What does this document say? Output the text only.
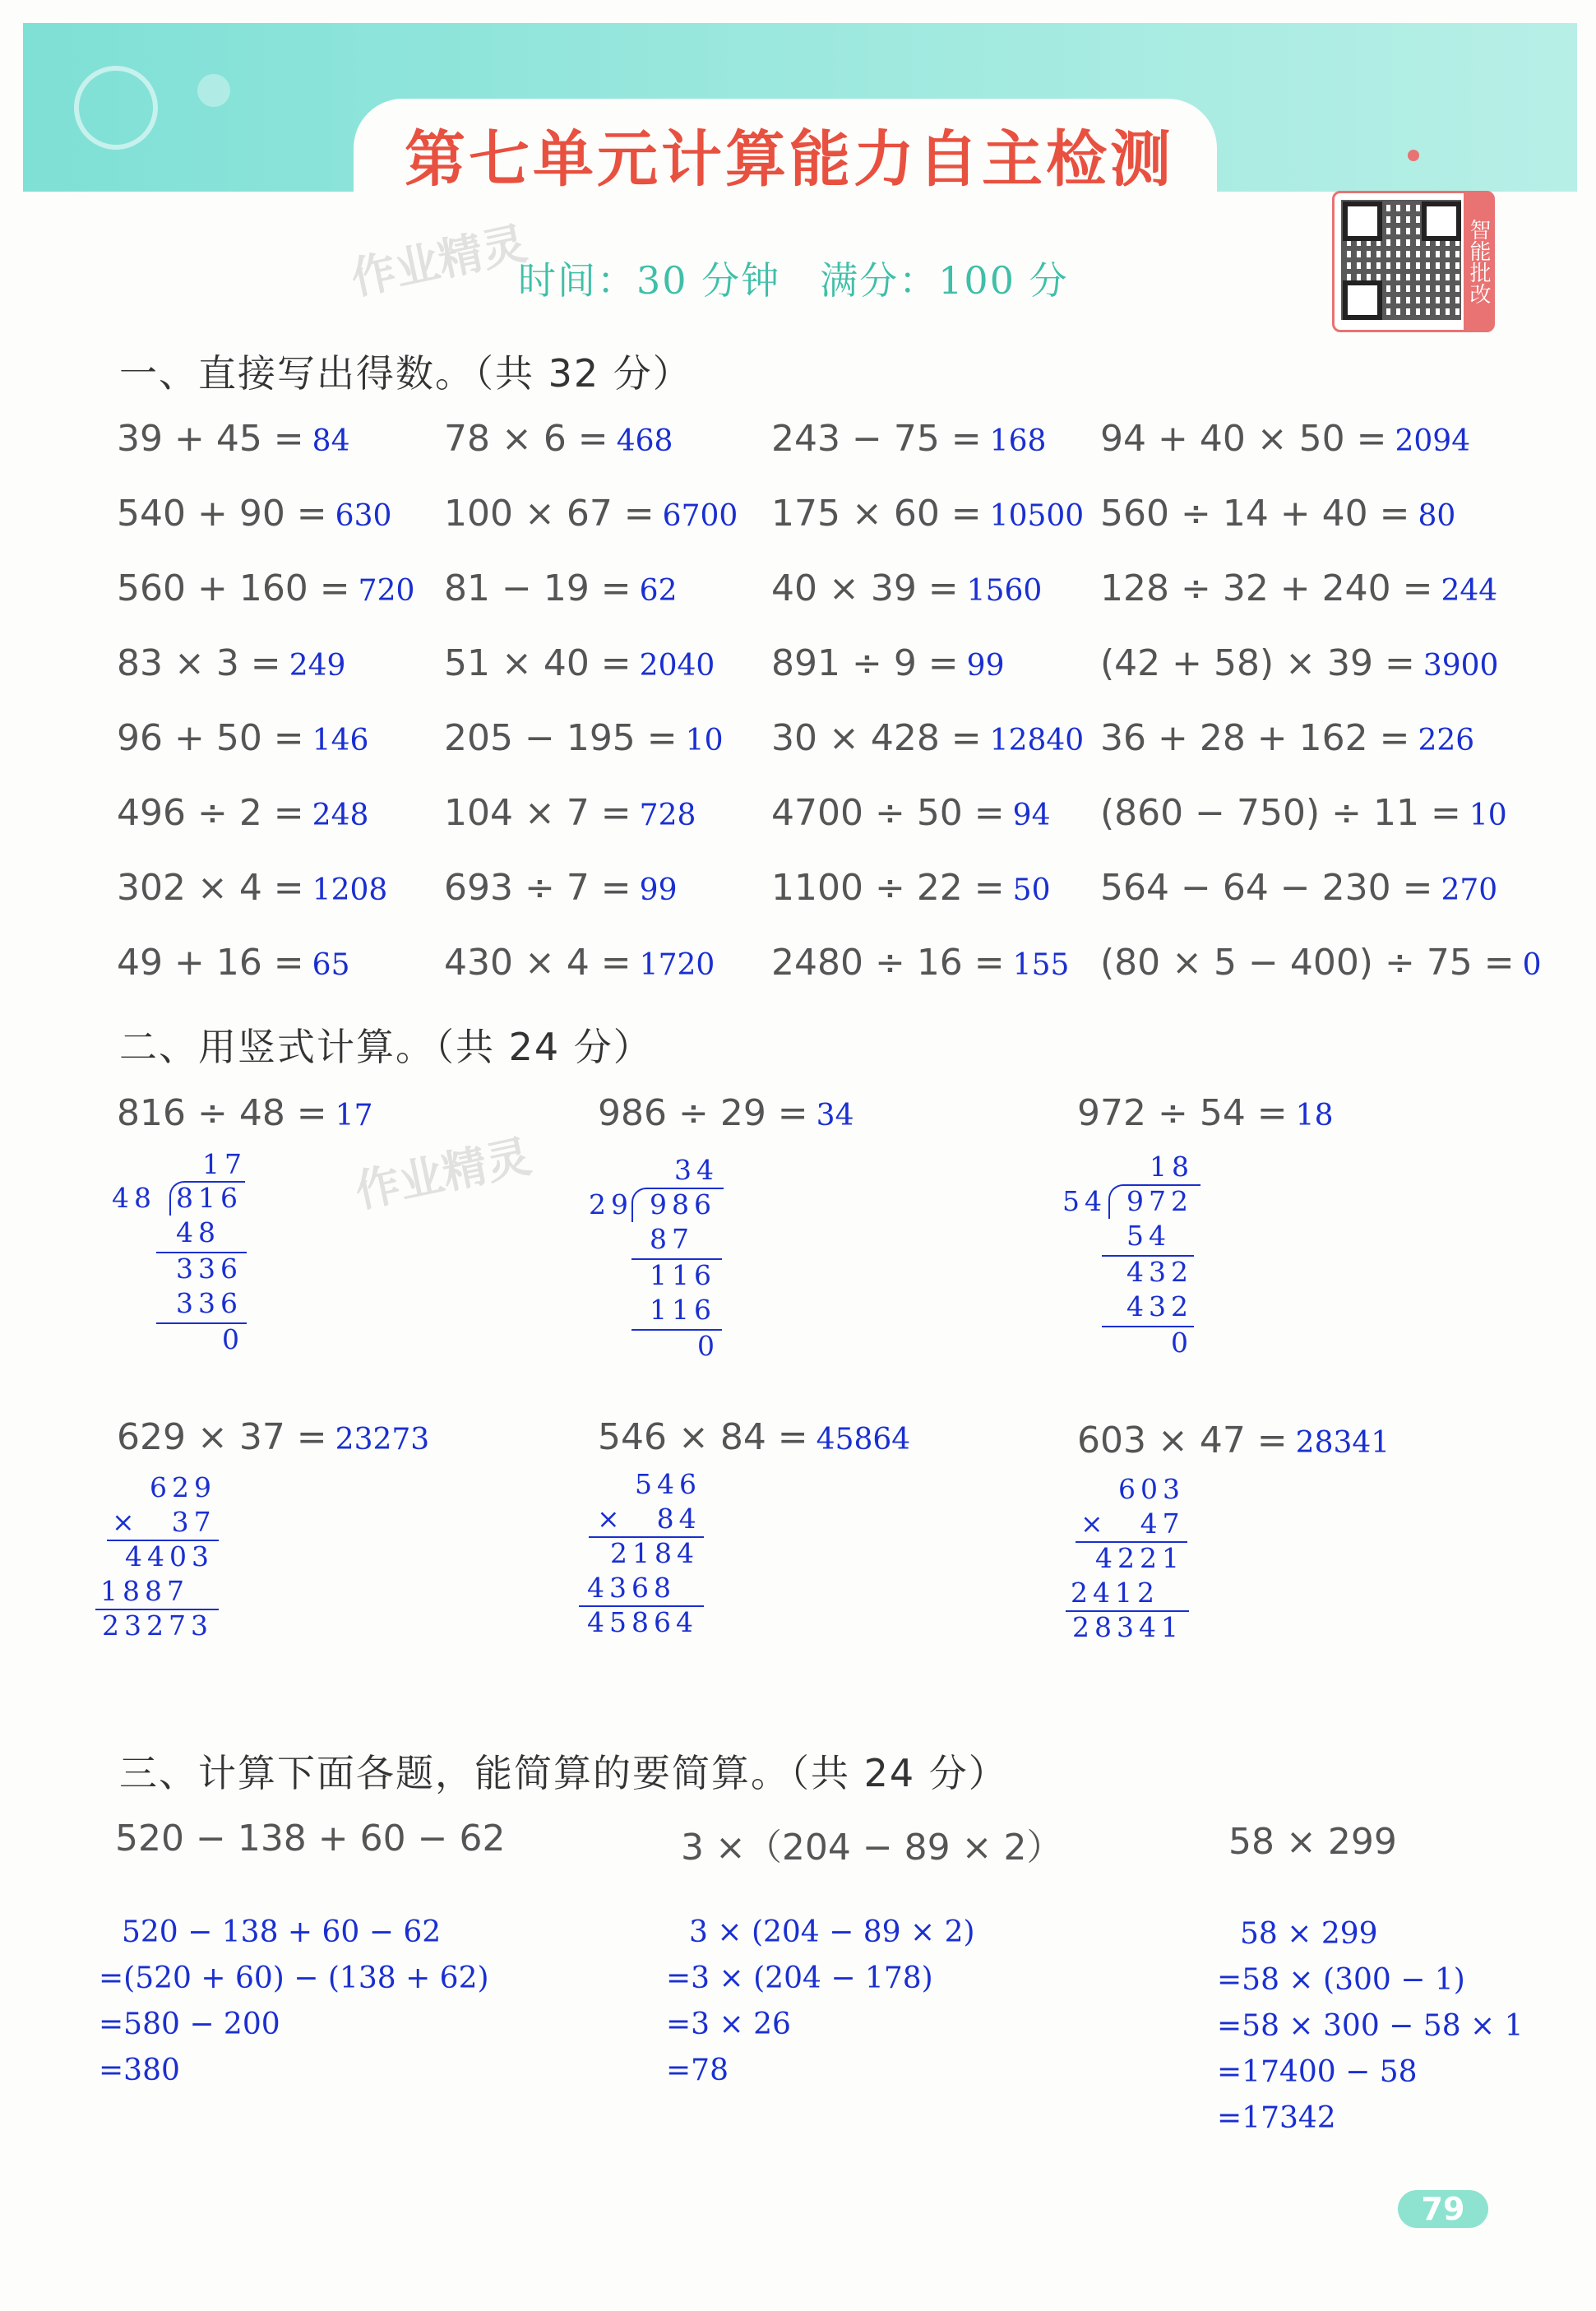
第七单元计算能力自主检测
时间：30 分钟　满分：100 分
作业精灵
作业精灵
智能批改
一、直接写出得数。（共 32 分）
39 + 45 = 84	78 × 6 = 468	243 − 75 = 168 94 + 40 × 50 = 2094
540 + 90 = 630 100 × 67 = 6700 175 × 60 = 10500 560 ÷ 14 + 40 = 80
560 + 160 = 720 81 − 19 = 62	40 × 39 = 1560 128 ÷ 32 + 240 = 244
83 × 3 = 249	51 × 40 = 2040 891 ÷ 9 = 99	(42 + 58) × 39 = 3900
96 + 50 = 146 205 − 195 = 10 30 × 428 = 12840 36 + 28 + 162 = 226
496 ÷ 2 = 248 104 × 7 = 728 4700 ÷ 50 = 94 (860 − 750) ÷ 11 = 10
302 × 4 = 1208 693 ÷ 7 = 99	1100 ÷ 22 = 50 564 − 64 − 230 = 270
49 + 16 = 65	430 × 4 = 1720 2480 ÷ 16 = 155 (80 × 5 − 400) ÷ 75 = 0
二、用竖式计算。（共 24 分）
816 ÷ 48 = 17
17
48 816
48
336
336
0
986 ÷ 29 = 34
34
29 986
87
116
116
0
972 ÷ 54 = 18
18
54 972
54
432
432
0
629 × 37 = 23273
629
×　37
4403
1887
23273
546 × 84 = 45864
546
×　84
2184
4368
45864
603 × 47 = 28341
603
×　47
4221
2412
28341
三、计算下面各题，能简算的要简算。（共 24 分）
520 − 138 + 60 − 62	3 ×（204 − 89 × 2）	58 × 299
520 − 138 + 60 − 62
=(520 + 60) − (138 + 62)
=580 − 200
=380
3 × (204 − 89 × 2)
=3 × (204 − 178)
=3 × 26
=78
58 × 299
=58 × (300 − 1)
=58 × 300 − 58 × 1
=17400 − 58
=17342
79
